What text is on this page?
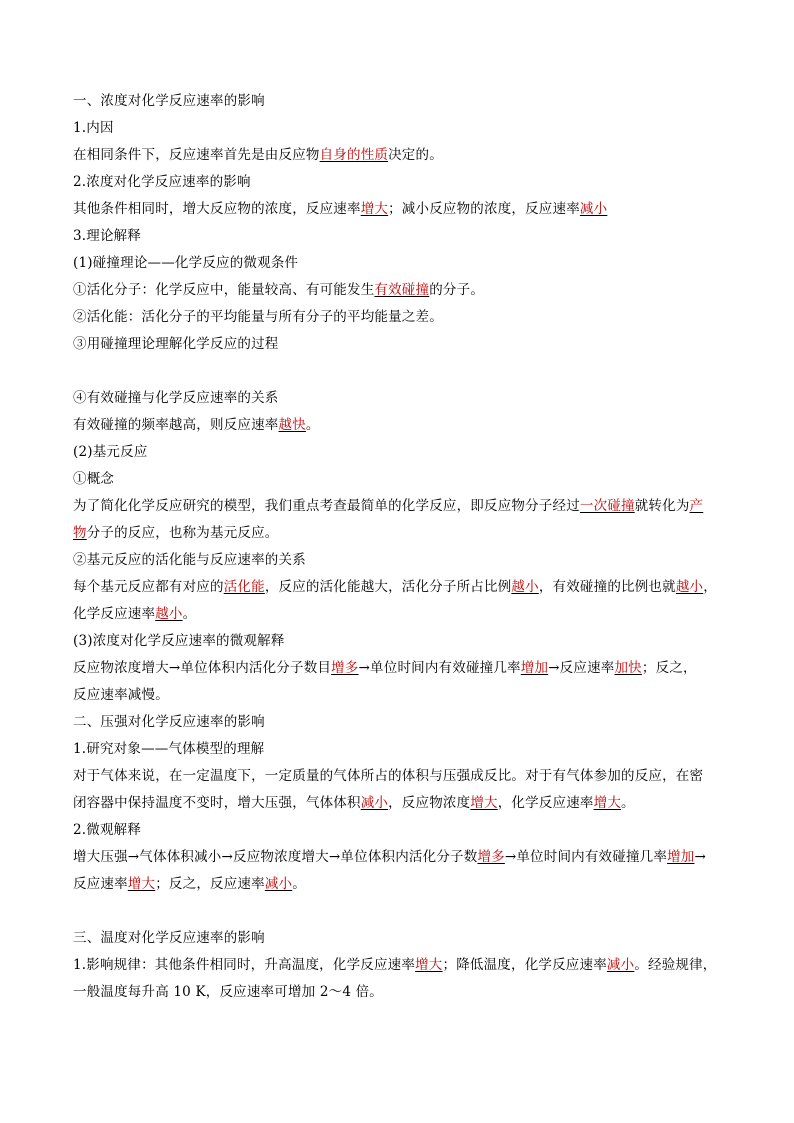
一、浓度对化学反应速率的影响
1.内因
在相同条件下，反应速率首先是由反应物自身的性质决定的。
2.浓度对化学反应速率的影响
其他条件相同时，增大反应物的浓度，反应速率增大；减小反应物的浓度，反应速率减小
3.理论解释
(1)碰撞理论——化学反应的微观条件
①活化分子：化学反应中，能量较高、有可能发生有效碰撞的分子。
②活化能：活化分子的平均能量与所有分子的平均能量之差。
③用碰撞理论理解化学反应的过程
④有效碰撞与化学反应速率的关系
有效碰撞的频率越高，则反应速率越快。
(2)基元反应
①概念
为了简化化学反应研究的模型，我们重点考查最简单的化学反应，即反应物分子经过一次碰撞就转化为产
物分子的反应，也称为基元反应。
②基元反应的活化能与反应速率的关系
每个基元反应都有对应的活化能，反应的活化能越大，活化分子所占比例越小，有效碰撞的比例也就越小，
化学反应速率越小。
(3)浓度对化学反应速率的微观解释
反应物浓度增大→单位体积内活化分子数目增多→单位时间内有效碰撞几率增加→反应速率加快；反之，
反应速率减慢。
二、压强对化学反应速率的影响
1.研究对象——气体模型的理解
对于气体来说，在一定温度下，一定质量的气体所占的体积与压强成反比。对于有气体参加的反应，在密
闭容器中保持温度不变时，增大压强，气体体积减小，反应物浓度增大，化学反应速率增大。
2.微观解释
增大压强→气体体积减小→反应物浓度增大→单位体积内活化分子数增多→单位时间内有效碰撞几率增加→
反应速率增大；反之，反应速率减小。
三、温度对化学反应速率的影响
1.影响规律：其他条件相同时，升高温度，化学反应速率增大；降低温度，化学反应速率减小。经验规律，
一般温度每升高 10 K，反应速率可增加 2～4 倍。
